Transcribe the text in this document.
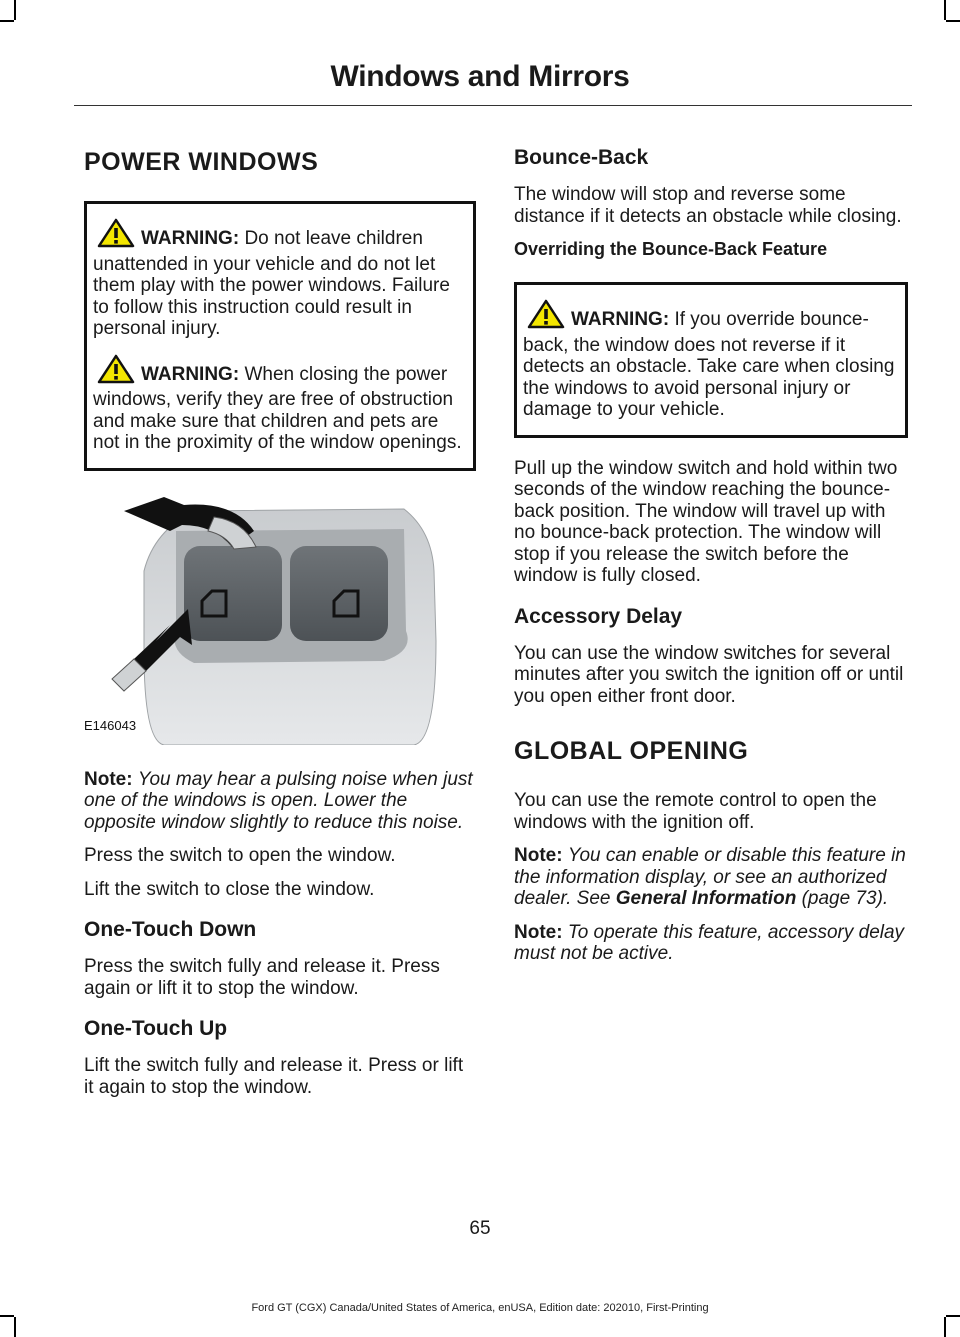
Windows and Mirrors
POWER WINDOWS

WARNING: Do not leave children unattended in your vehicle and do not let them play with the power windows. Failure to follow this instruction could result in personal injury.

WARNING: When closing the power windows, verify they are free of obstruction and make sure that children and pets are not in the proximity of the window openings.

E146043

Note: You may hear a pulsing noise when just one of the windows is open. Lower the opposite window slightly to reduce this noise.

Press the switch to open the window.

Lift the switch to close the window.

One-Touch Down

Press the switch fully and release it. Press again or lift it to stop the window.

One-Touch Up

Lift the switch fully and release it. Press or lift it again to stop the window.

Bounce-Back

The window will stop and reverse some distance if it detects an obstacle while closing.

Overriding the Bounce-Back Feature

WARNING: If you override bounce-back, the window does not reverse if it detects an obstacle. Take care when closing the windows to avoid personal injury or damage to your vehicle.

Pull up the window switch and hold within two seconds of the window reaching the bounce-back position. The window will travel up with no bounce-back protection. The window will stop if you release the switch before the window is fully closed.

Accessory Delay

You can use the window switches for several minutes after you switch the ignition off or until you open either front door.

GLOBAL OPENING

You can use the remote control to open the windows with the ignition off.

Note: You can enable or disable this feature in the information display, or see an authorized dealer. See General Information (page 73).

Note: To operate this feature, accessory delay must not be active.

65
Ford GT (CGX) Canada/United States of America, enUSA, Edition date: 202010, First-Printing
